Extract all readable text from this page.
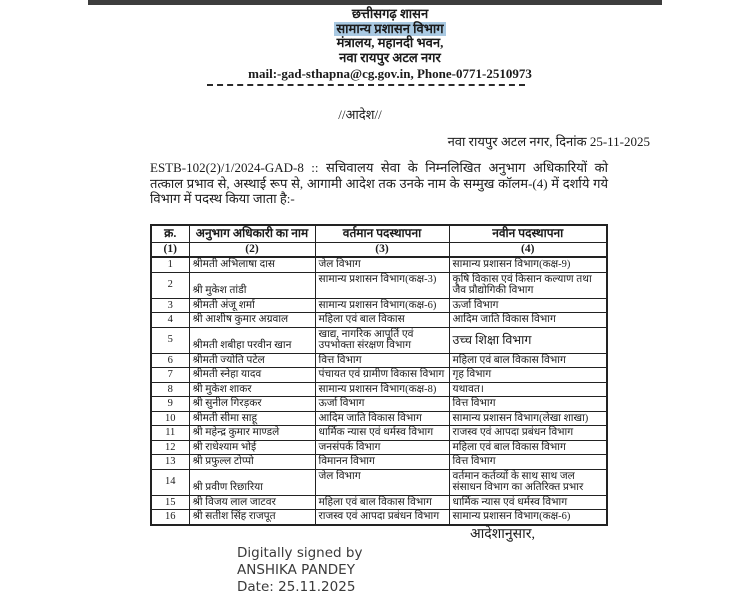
छत्तीसगढ़ शासन
सामान्य प्रशासन विभाग
मंत्रालय, महानदी भवन,
नवा रायपुर अटल नगर
mail:-gad-sthapna@cg.gov.in, Phone-0771-2510973
//आदेश//
नवा रायपुर अटल नगर, दिनांक 25-11-2025
ESTB-102(2)/1/2024-GAD-8 :: सचिवालय सेवा के निम्नलिखित अनुभाग अधिकारियों को तत्काल प्रभाव से, अस्थाई रूप से, आगामी आदेश तक उनके नाम के सम्मुख कॉलम-(4) में दर्शाये गये विभाग में पदस्थ किया जाता है:-
क्र.	अनुभाग अधिकारी का नाम	वर्तमान पदस्थापना	नवीन पदस्थापना
(1)	(2)	(3)	(4)
1	श्रीमती अभिलाषा दास	जेल विभाग	सामान्य प्रशासन विभाग(कक्ष-9)
2	श्री मुकेश तांडी	सामान्य प्रशासन विभाग(कक्ष-3)	कृषि विकास एवं किसान कल्याण तथा जैव प्रौद्योगिकी विभाग
3	श्रीमती अंजू शर्मा	सामान्य प्रशासन विभाग(कक्ष-6)	ऊर्जा विभाग
4	श्री आशीष कुमार अग्रवाल	महिला एवं बाल विकास	आदिम जाति विकास विभाग
5	श्रीमती शबीहा परवीन खान	खाद्य, नागरिक आपूर्ति एवं उपभोक्ता संरक्षण विभाग	उच्च शिक्षा विभाग
6	श्रीमती ज्योति पटेल	वित्त विभाग	महिला एवं बाल विकास विभाग
7	श्रीमती स्नेहा यादव	पंचायत एवं ग्रामीण विकास विभाग	गृह विभाग
8	श्री मुकेश शाकर	सामान्य प्रशासन विभाग(कक्ष-8)	यथावत।
9	श्री सुनील गिरड़कर	ऊर्जा विभाग	वित्त विभाग
10	श्रीमती सीमा साहू	आदिम जाति विकास विभाग	सामान्य प्रशासन विभाग(लेखा शाखा)
11	श्री महेन्द्र कुमार माण्डले	धार्मिक न्यास एवं धर्मस्व विभाग	राजस्व एवं आपदा प्रबंधन विभाग
12	श्री राधेश्याम भोई	जनसंपर्क विभाग	महिला एवं बाल विकास विभाग
13	श्री प्रफुल्ल टोप्पो	विमानन विभाग	वित्त विभाग
14	श्री प्रवीण रिछारिया	जेल विभाग	वर्तमान कर्तव्यों के साथ साथ जल संसाधन विभाग का अतिरिक्त प्रभार
15	श्री विजय लाल जाटवर	महिला एवं बाल विकास विभाग	धार्मिक न्यास एवं धर्मस्व विभाग
16	श्री सतीश सिंह राजपूत	राजस्व एवं आपदा प्रबंधन विभाग	सामान्य प्रशासन विभाग(कक्ष-6)
आदेशानुसार,
Digitally signed by
ANSHIKA PANDEY
Date: 25.11.2025
